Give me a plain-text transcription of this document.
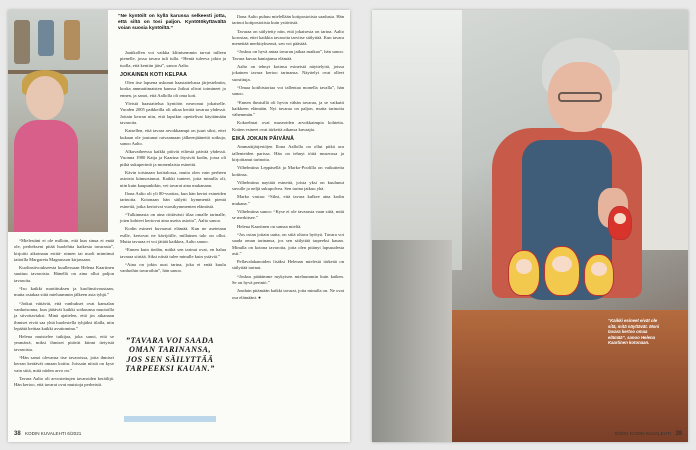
“Ne kyntöilt on kyllä karussa selkeesti jotta, että siltä on tosi paljon. Kyntötökyttävältä voian suosia kyntöiltä.”

“Mielestäni ei ole milloin, että kun sinua ei enää ole, perhekseni pitää huolehtia kaikesta tavarasta”, kirjoitti aikoinaan esittä- nimen tai nuoli mimiinsä taitoilla Margareta Magnusson kirjassaan.

Kuolinsiivoukseesta kuullessaan Helena Kaartinen suuttuu tavaroista. Hänellä on aina ollut paljon tavaroita.

“Iso kaikki mariittuksen ja kuolinsiivoustaan, mutta ostakaa siitä mieluummin jälkeen asia tyhjä.”

“Jotkut vättävät, että vanhukset ovat kansalan vanhoisonna, kun jättävät kaikki sotkuunsa muotoilla ja siivottaviaksi. Minä ajattelen, että jos aikanaan ihmiset eivät saa yhtä huolestella tyhjäksi tilalla, niin lepäätä keittaa kaikki avuttomina.”

Helena muistelee tutkijaa, joka sanoi, että se ymmärrä, miksi ihmiset pitävät kiinni tietyistä tavaroista.

“Hän sanoi olevansa itse tavaroissa, joita ihmiset kerran keräävät omaan kotiin. Joissain niistä on kyse vain siitä, mitä niiden arvo on.”

Tavara Aalto oli arvostettujen tavaroiden keräilijä. Hän kertoo, että tavarat ovat muistoja perheistä.

Jaatikollen voi vaikka kliinisemmin tarvat tulleen pienelle, jossa tavara tuli tulla. “Hentä tuleeva jokin ja tuolla, että kentiin jäisi”, sanoo Aalto.

JOKAINEN KOTI KELPAA

Olen itse lapsena uskonut haastattelussa järjestelmiin, koska ammattimaisten kanssa Jotkut olivat toimineet jo ennen, ja sanoi, että Aallolla oli oma koti.

Yleistä haastattelua kyntöön neuvonut jokaiselle. Vuoden 2005 paikkeilla oli aikaa kerätä tavaraa yhdessä. Jottain kerran niin, että lapsikin opettelivat käyttämään tavaroita.

Katsellen, että tavara arvokkaampi on juuri siksi, ettei kukaan ole joutunut raivaamaan jälkeenjääneitä sotkuja, sanoo Aalto.

Alkuvaiheessa kaikki pitivät eiliestä päivää yhdessä. Vuonna 1980 Katja ja Kaarina löysivät kodin, jossa oli pitkä sukuperintö ja monenlaisia esineitä.

Kävin toisinaan kotitalossa, mutta olen vain perheen asioista kiinnostunut. Kaikki tunteet, joita minulla oli, niin kuin kaupunkikin, vei tavarat aina mukanaan.

Ilona Aalto oli yli 80-vuotias, kun hän kertoi esineiden tarinoita. Kotonaan hän säilytti kymmeniä pieniä esineitä, jotka kertoivat vuosikymmenten elämästä.

“Tulkinnasta on aina riittävästi tilaa omalle tarinalle, joten kohteet kertovat aina useita asioita”, Aalto sanoo.

Kodin esineet kuvaavat elämää. Kun ne asetetaan esille, kertovat ne kävijöille, millainen talo on ollut. Mutta tavaraa ei voi jättää kaikkea, Aalto sanoo.

“Ennen kuin tiedän, mitkä sen tarinat ovat, en halua tavaraa siirtää. Siksi niistä tulee minulle kuin ystäviä.”

“Aina on jokin uusi tarina, joka ei enää kuulu vanhoihin tavaroihin”, hän sanoo.

”TAVARA VOI SAADA OMAN TARINANSA, JOS SEN SÄILYTTÄÄ TARPEEKSI KAUAN.”

Ilona Aalto puhuu mielellään kotiposiotista saadusta. Hän tarinoi kotiposiotista kuin ystävästä.

Tavaraa on säilytetty niin, että jokaisesta on tarina. Aalto korostaa, ettei kaikkia tavaroita tarvitse säilyttää. Kun tavara menettää merkityksensä, sen voi päästää.

“Joskus on hyvä antaa tavaran jatkaa matkaa”, hän sanoo. Tavara kuvaa kantajansa elämää.

Aalto on tehnyt kotinsa esineistä näyttelyitä, joissa jokainen tavara kertoo tarinansa. Näyttelyt ovat olleet suosittuja.

“Omaa kotihistoriaa voi tallentaa monella tavalla”, hän sanoo.

“Ennen ihmisillä oli hyvin vähän tavaraa, ja se vaikutti kaikkeen elämään. Nyt tavaraa on paljon, mutta tarinoita vähemmän.”

Kokoelmat ovat museoiden arvokkaimpia kohteita. Kotien esineet ovat tärkeitä aikansa kuvaajia.

EIKÄ JOKAIN PÄIVÄNÄ

Ammattijärjestöjen Ilona Aallolla on ollut pitkä ura tallenteiden parissa. Hän on tehnyt töitä museossa ja kirjoittanut tarinoita.

Vilhelmiina Leppäsellä ja Marko-Poolilla on vaikutteita kotiinsa.

Vilhelmiina nayttää esineitä, joista yksi on kuulunut suvulle jo neljä sukupolvea. Sen tarina jatkuu yhä.

Marko vastaa: “Siksi, että tavara kulkee aina kodin mukana.”

Vilhelmiina sanoo: “Kyse ei ole tavarasta vaan siitä, mitä se merkitsee.”

Helena Kaartinen on samaa mieltä.

“Jos ostan joitain uutta, on siitä oltava hyötyä. Tavara voi saada oman tarinansa, jos sen säilyttää tarpeeksi kauan. Minulla on kotona tavaroita, joita olen pitänyt lapsuudesta asti.”

Pellavalakanoiden lisäksi Helenan mielestä tärkeää on säilyttää tarinat.

“Joskus päätämme mykyisen mieluummin kuin kaiken. Se on hyvä perintö.”

Jouduin pitämään kaikki tavarat, joita minulla on. Ne ovat osa elämääni. ●

38 KODIN KUVALEHTI 6/2021
“Kaikki esineet eivät ole sitä, mitä näyttävät. Moni tavara kertoo omaa elämää”, sanoo Helena Kaartinen kotonaan.
6/2021 KODIN KUVALEHTI 39
